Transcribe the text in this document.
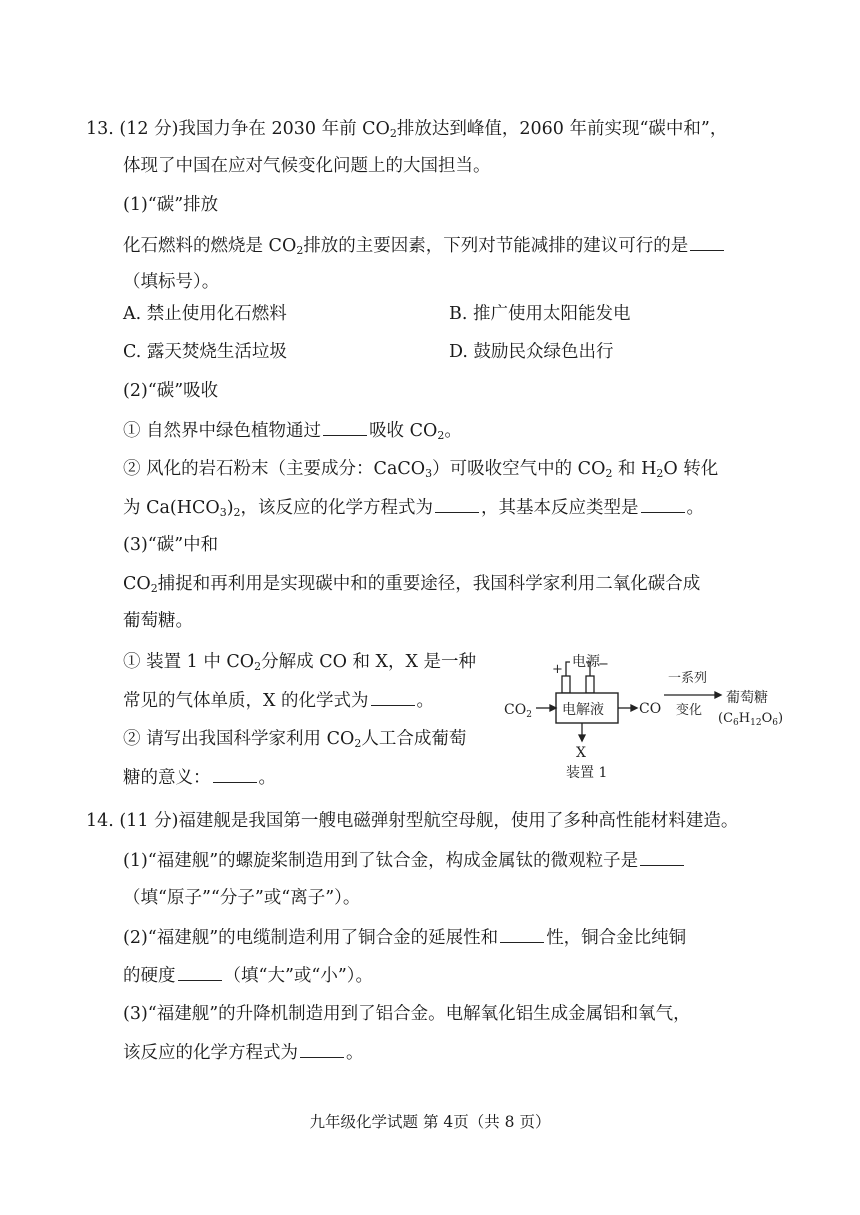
13. (12 分)我国力争在 2030 年前 $CO_2$排放达到峰值，2060 年前实现“碳中和”，
体现了中国在应对气候变化问题上的大国担当。
(1)“碳”排放
化石燃料的燃烧是 $CO_2$排放的主要因素，下列对节能减排的建议可行的是
（填标号）。
A. 禁止使用化石燃料	B. 推广使用太阳能发电
C. 露天焚烧生活垃圾	D. 鼓励民众绿色出行
(2)“碳”吸收
① 自然界中绿色植物通过	吸收 $CO_2$。
② 风化的岩石粉末（主要成分：CaCO$_3$）可吸收空气中的 $CO_2$ 和 $H_2O$ 转化
为 $Ca(HCO_3)_2$，该反应的化学方程式为	，其基本反应类型是	。
(3)“碳”中和
$CO_2$捕捉和再利用是实现碳中和的重要途径，我国科学家利用二氧化碳合成
葡萄糖。
① 装置 1 中 $CO_2$分解成 CO 和 X，X 是一种
常见的气体单质，X 的化学式为	。
② 请写出我国科学家利用 $CO_2$人工合成葡萄
糖的意义：	。
+	−
电源
电解液
$CO_2$	CO
一系列
变化
葡萄糖
$(C_6H_{12}O_6)$
X
装置 1
14. (11 分)福建舰是我国第一艘电磁弹射型航空母舰，使用了多种高性能材料建造。
(1)“福建舰”的螺旋桨制造用到了钛合金，构成金属钛的微观粒子是
（填“原子”“分子”或“离子”）。
(2)“福建舰”的电缆制造利用了铜合金的延展性和	性，铜合金比纯铜
的硬度	（填“大”或“小”）。
(3)“福建舰”的升降机制造用到了铝合金。电解氧化铝生成金属铝和氧气，
该反应的化学方程式为	。
九年级化学试题 第 4页（共 8 页）
